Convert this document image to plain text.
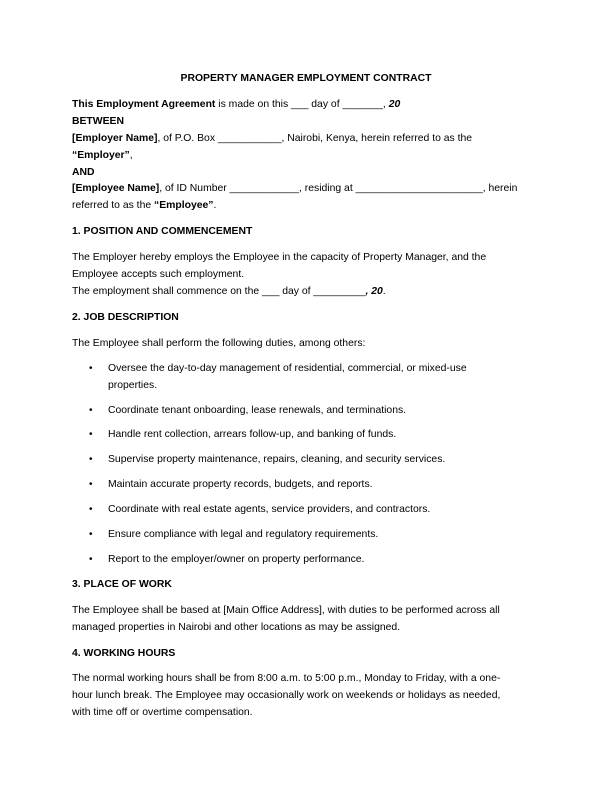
PROPERTY MANAGER EMPLOYMENT CONTRACT

This Employment Agreement is made on this ___ day of _______, 20

BETWEEN

[Employer Name], of P.O. Box ___________, Nairobi, Kenya, herein referred to as the

“Employer”,

AND

[Employee Name], of ID Number ____________, residing at ______________________, herein

referred to as the “Employee”.

1. POSITION AND COMMENCEMENT

The Employer hereby employs the Employee in the capacity of Property Manager, and the

Employee accepts such employment.

The employment shall commence on the ___ day of _________, 20.

2. JOB DESCRIPTION

The Employee shall perform the following duties, among others:

• Oversee the day-to-day management of residential, commercial, or mixed-use
properties.
• Coordinate tenant onboarding, lease renewals, and terminations.
• Handle rent collection, arrears follow-up, and banking of funds.
• Supervise property maintenance, repairs, cleaning, and security services.
• Maintain accurate property records, budgets, and reports.
• Coordinate with real estate agents, service providers, and contractors.
• Ensure compliance with legal and regulatory requirements.
• Report to the employer/owner on property performance.

3. PLACE OF WORK

The Employee shall be based at [Main Office Address], with duties to be performed across all

managed properties in Nairobi and other locations as may be assigned.

4. WORKING HOURS

The normal working hours shall be from 8:00 a.m. to 5:00 p.m., Monday to Friday, with a one-

hour lunch break. The Employee may occasionally work on weekends or holidays as needed,

with time off or overtime compensation.
